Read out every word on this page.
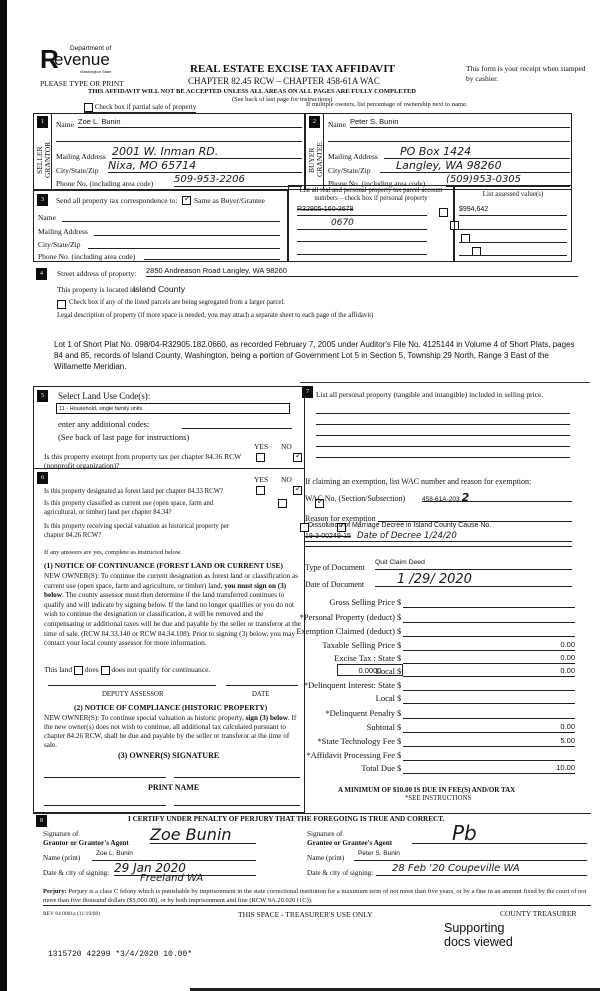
R Department of
evenue
Washington State
PLEASE TYPE OR PRINT
REAL ESTATE EXCISE TAX AFFIDAVIT
CHAPTER 82.45 RCW – CHAPTER 458-61A WAC
This form is your receipt when stamped by cashier.
THIS AFFIDAVIT WILL NOT BE ACCEPTED UNLESS ALL AREAS ON ALL PAGES ARE FULLY COMPLETED
(See back of last page for instructions)
Check box if partial sale of property	If multiple owners, list percentage of ownership next to name.
1
SELLER GRANTOR
Name Zoe L. Bunin
Mailing Address 2001 W. Inman RD.
City/State/Zip Nixa, MO 65714
Phone No. (including area code) 509-953-2206
2
BUYER GRANTEE
Name Peter S. Bunin
Mailing Address	PO Box 1424
City/State/Zip	Langley, WA 98260
Phone No. (including area code) (509)953-0305
3	Send all property tax correspondence to: ✓ Same as Buyer/Grantee
Name
Mailing Address
City/State/Zip
Phone No. (including area code)
List all real and personal property tax parcel account numbers – check box if personal property
R32905-160-3678

0670

List assessed value(s)
$994,642
4	Street address of property: 2850 Andreason Road Langley, WA 98260
This property is located in
Island County
Check box if any of the listed parcels are being segregated from a larger parcel.
Legal description of property (if more space is needed, you may attach a separate sheet to each page of the affidavit)
Lot 1 of Short Plat No. 098/04-R32905.182.0660, as recorded February 7, 2005 under Auditor's File No. 4125144 in Volume 4 of Short Plats, pages 84 and 85, records of Island County, Washington, being a portion of Government Lot 5 in Section 5, Township 29 North, Range 3 East of the Willamette Meridian.
5	Select Land Use Code(s):
11 - Household, single family units
enter any additional codes:
(See back of last page for instructions)
YES NO
Is this property exempt from property tax per chapter 84.36 RCW (nonprofit organization)?
✓
6	YES NO
Is this property designated as forest land per chapter 84.33 RCW?
✓
Is this property classified as current use (open space, farm and agricultural, or timber) land per chapter 84.34?
✓
Is this property receiving special valuation as historical property per chapter 84.26 RCW?
✓
If any answers are yes, complete as instructed below.
(1) NOTICE OF CONTINUANCE (FOREST LAND OR CURRENT USE)
NEW OWNER(S): To continue the current designation as forest land or classification as current use (open space, farm and agriculture, or timber) land, you must sign on (3) below. The county assessor must then determine if the land transferred continues to qualify and will indicate by signing below. If the land no longer qualifies or you do not wish to continue the designation or classification, it will be removed and the compensating or additional taxes will be due and payable by the seller or transferor at the time of sale. (RCW 84.33.140 or RCW 84.34.108). Prior to signing (3) below, you may contact your local county assessor for more information.
This land does does not qualify for continuance.
DEPUTY ASSESSOR	DATE
(2) NOTICE OF COMPLIANCE (HISTORIC PROPERTY)
NEW OWNER(S): To continue special valuation as historic property, sign (3) below. If the new owner(s) does not wish to continue, all additional tax calculated pursuant to chapter 84.26 RCW, shall be due and payable by the seller or transferor at the time of sale.
(3) OWNER(S) SIGNATURE
PRINT NAME
7 List all personal property (tangible and intangible) included in selling price.
If claiming an exemption, list WAC number and reason for exemption:
WAC No. (Section/Subsection)	458-61A-203 2
Reason for exemption
Dissolution of Marriage Decree in Island County Cause No.
19-3-00249-15 Date of Decree 1/24/20
Type of Document
Quit Claim Deed
Date of Document	1 /29/ 2020
Gross Selling Price $
*Personal Property (deduct) $
Exemption Claimed (deduct) $
Taxable Selling Price $	0.00
Excise Tax : State $	0.00
0.0000
Local $	0.00
*Delinquent Interest: State $
Local $
*Delinquent Penalty $
Subtotal $	0.00
*State Technology Fee $	5.00
*Affidavit Processing Fee $
Total Due $	10.00
A MINIMUM OF $10.00 IS DUE IN FEE(S) AND/OR TAX
*SEE INSTRUCTIONS
8	I CERTIFY UNDER PENALTY OF PERJURY THAT THE FOREGOING IS TRUE AND CORRECT.
Signature of
Grantor or Grantor's Agent Zoe Bunin
Name (print)
Zoe L. Bunin
Date & city of signing: 29 Jan 2020
Freeland WA
Signature of
Grantee or Grantee's Agent	Pb
Name (print)
Peter S. Bunin
Date & city of signing:	28 Feb '20 Coupeville WA
Perjury: Perjury is a class C felony which is punishable by imprisonment in the state correctional institution for a maximum term of not more than five years, or by a fine in an amount fixed by the court of not more than five thousand dollars ($5,000.00), or by both imprisonment and fine (RCW 9A.20.020 (1C)).
REV 84 0001a (11/19/08)	THIS SPACE - TREASURER'S USE ONLY	COUNTY TREASURER
Supporting
docs viewed
1315720 42299 *3/4/2020 10.00*
